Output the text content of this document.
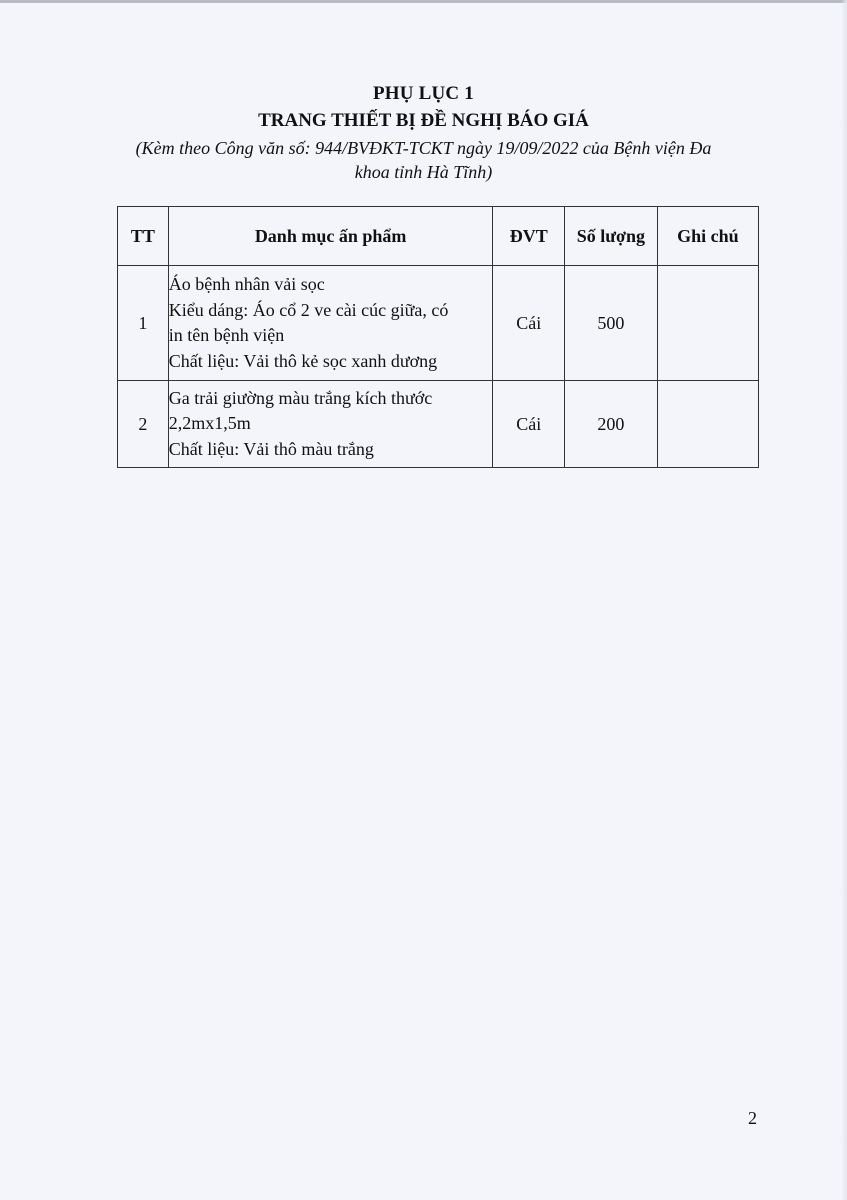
PHỤ LỤC 1
TRANG THIẾT BỊ ĐỀ NGHỊ BÁO GIÁ
(Kèm theo Công văn số: 944/BVĐKT-TCKT ngày 19/09/2022 của Bệnh viện Đa
khoa tỉnh Hà Tĩnh)
TT	Danh mục ấn phẩm	ĐVT	Số lượng	Ghi chú
1	Áo bệnh nhân vải sọc
Kiểu dáng: Áo cổ 2 ve cài cúc giữa, có
in tên bệnh viện
Chất liệu: Vải thô kẻ sọc xanh dương	Cái	500	
2	Ga trải giường màu trắng kích thước
2,2mx1,5m
Chất liệu: Vải thô màu trắng	Cái	200	
2
